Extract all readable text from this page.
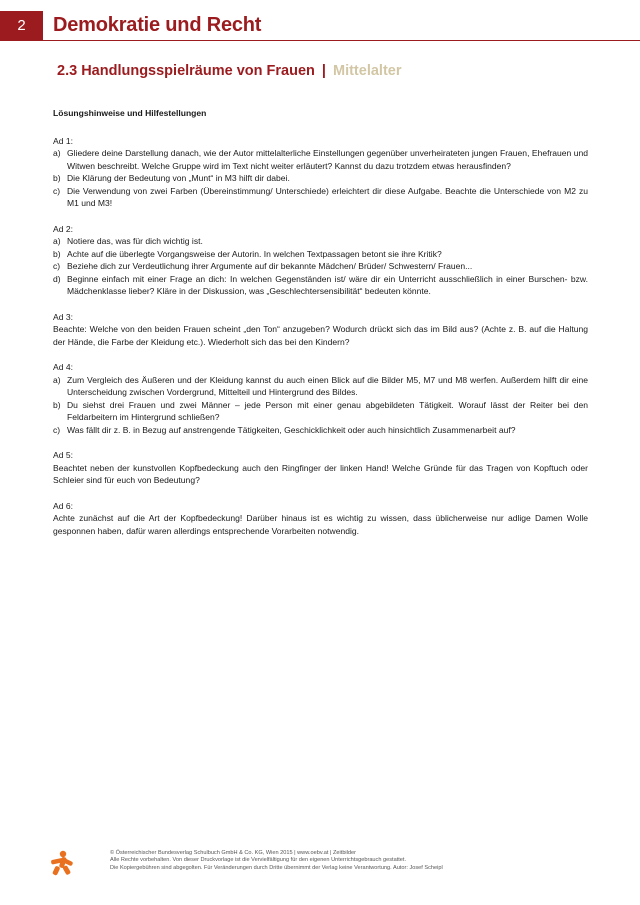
2	Demokratie und Recht
2.3 Handlungsspielräume von Frauen | Mittelalter
Lösungshinweise und Hilfestellungen
Ad 1:
a) Gliedere deine Darstellung danach, wie der Autor mittelalterliche Einstellungen gegenüber unverheirateten jungen Frauen, Ehefrauen und Witwen beschreibt. Welche Gruppe wird im Text nicht weiter erläutert? Kannst du dazu trotzdem etwas herausfinden?
b) Die Klärung der Bedeutung von „Munt“ in M3 hilft dir dabei.
c) Die Verwendung von zwei Farben (Übereinstimmung/ Unterschiede) erleichtert dir diese Aufgabe. Beachte die Unterschiede von M2 zu M1 und M3!
Ad 2:
a) Notiere das, was für dich wichtig ist.
b) Achte auf die überlegte Vorgangsweise der Autorin. In welchen Textpassagen betont sie ihre Kritik?
c) Beziehe dich zur Verdeutlichung ihrer Argumente auf dir bekannte Mädchen/ Brüder/ Schwestern/ Frauen...
d) Beginne einfach mit einer Frage an dich: In welchen Gegenständen ist/ wäre dir ein Unterricht ausschließlich in einer Burschen- bzw. Mädchenklasse lieber? Kläre in der Diskussion, was „Geschlechtersensibilität“ bedeuten könnte.
Ad 3:
Beachte: Welche von den beiden Frauen scheint „den Ton“ anzugeben? Wodurch drückt sich das im Bild aus? (Achte z. B. auf die Haltung der Hände, die Farbe der Kleidung etc.). Wiederholt sich das bei den Kindern?
Ad 4:
a) Zum Vergleich des Äußeren und der Kleidung kannst du auch einen Blick auf die Bilder M5, M7 und M8 werfen. Außerdem hilft dir eine Unterscheidung zwischen Vordergrund, Mittelteil und Hintergrund des Bildes.
b) Du siehst drei Frauen und zwei Männer – jede Person mit einer genau abgebildeten Tätigkeit. Worauf lässt der Reiter bei den Feldarbeitern im Hintergrund schließen?
c) Was fällt dir z. B. in Bezug auf anstrengende Tätigkeiten, Geschicklichkeit oder auch hinsichtlich Zusammenarbeit auf?
Ad 5:
Beachtet neben der kunstvollen Kopfbedeckung auch den Ringfinger der linken Hand! Welche Gründe für das Tragen von Kopftuch oder Schleier sind für euch von Bedeutung?
Ad 6:
Achte zunächst auf die Art der Kopfbedeckung! Darüber hinaus ist es wichtig zu wissen, dass üblicherweise nur adlige Damen Wolle gesponnen haben, dafür waren allerdings entsprechende Vorarbeiten notwendig.
© Österreichischer Bundesverlag Schulbuch GmbH & Co. KG, Wien 2015 | www.oebv.at | Zeitbilder
Alle Rechte vorbehalten. Von dieser Druckvorlage ist die Vervielfältigung für den eigenen Unterrichtsgebrauch gestattet.
Die Kopiergebühren sind abgegolten. Für Veränderungen durch Dritte übernimmt der Verlag keine Verantwortung. Autor: Josef Scheipl
